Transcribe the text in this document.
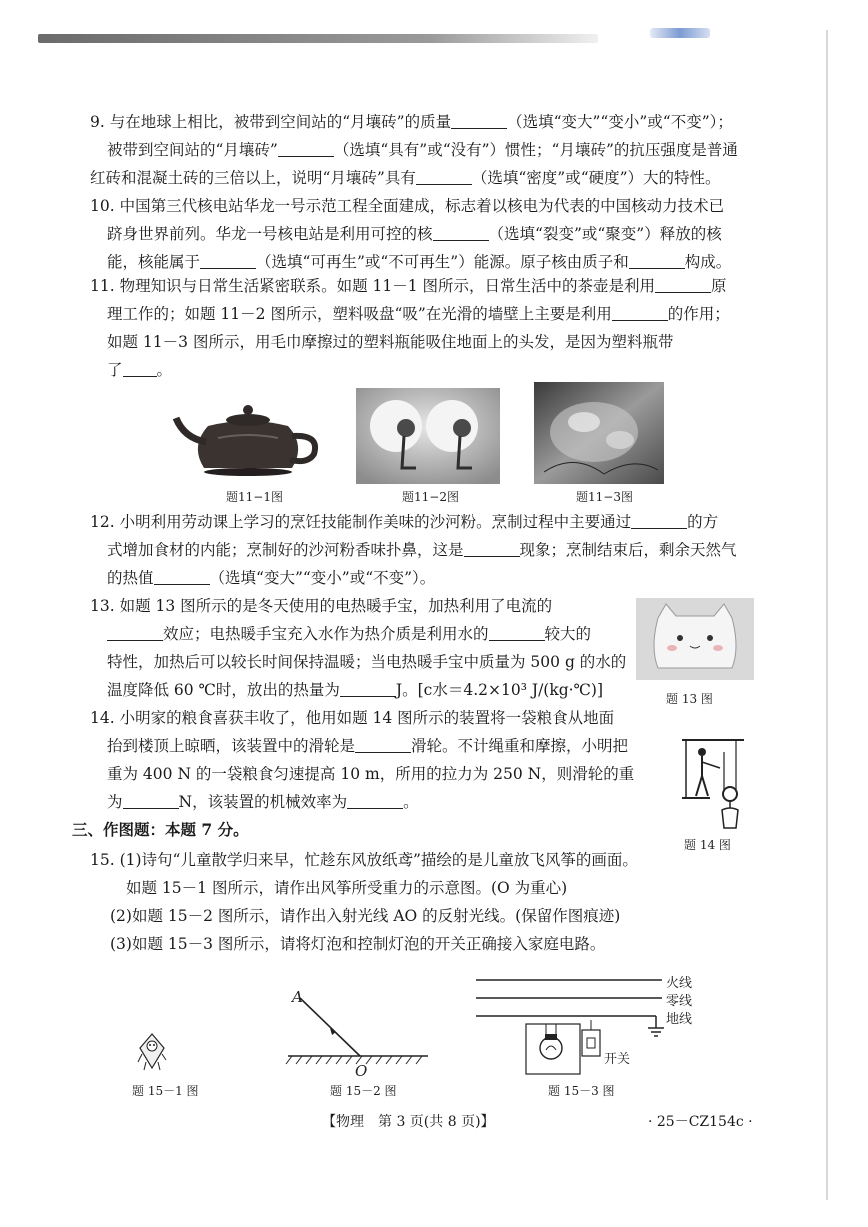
9. 与在地球上相比，被带到空间站的“月壤砖”的质量	（选填“变大”“变小”或“不变”）；
被带到空间站的“月壤砖”	（选填“具有”或“没有”）惯性；“月壤砖”的抗压强度是普通
红砖和混凝土砖的三倍以上，说明“月壤砖”具有	（选填“密度”或“硬度”）大的特性。
10. 中国第三代核电站华龙一号示范工程全面建成，标志着以核电为代表的中国核动力技术已
跻身世界前列。华龙一号核电站是利用可控的核	（选填“裂变”或“聚变”）释放的核
能，核能属于	（选填“可再生”或“不可再生”）能源。原子核由质子和	构成。
11. 物理知识与日常生活紧密联系。如题 11－1 图所示，日常生活中的茶壶是利用	原
理工作的；如题 11－2 图所示，塑料吸盘“吸”在光滑的墙壁上主要是利用	的作用；
如题 11－3 图所示，用毛巾摩擦过的塑料瓶能吸住地面上的头发，是因为塑料瓶带
了 。
题11−1图	题11−2图	题11−3图
12. 小明利用劳动课上学习的烹饪技能制作美味的沙河粉。烹制过程中主要通过	的方
式增加食材的内能；烹制好的沙河粉香味扑鼻，这是	现象；烹制结束后，剩余天然气
的热值	（选填“变大”“变小”或“不变”）。
13. 如题 13 图所示的是冬天使用的电热暖手宝，加热利用了电流的
效应；电热暖手宝充入水作为热介质是利用水的	较大的
特性，加热后可以较长时间保持温暖；当电热暖手宝中质量为 500 g 的水的
温度降低 60 ℃时，放出的热量为	J。[c水＝4.2×10³ J/(kg·℃)]	题 13 图
14. 小明家的粮食喜获丰收了，他用如题 14 图所示的装置将一袋粮食从地面
抬到楼顶上晾晒，该装置中的滑轮是	滑轮。不计绳重和摩擦，小明把
重为 400 N 的一袋粮食匀速提高 10 m，所用的拉力为 250 N，则滑轮的重
为	N，该装置的机械效率为	。
题 14 图
三、作图题：本题 7 分。
15. (1)诗句“儿童散学归来早，忙趁东风放纸鸢”描绘的是儿童放飞风筝的画面。
如题 15－1 图所示，请作出风筝所受重力的示意图。(O 为重心)
(2)如题 15－2 图所示，请作出入射光线 AO 的反射光线。(保留作图痕迹)
(3)如题 15－3 图所示，请将灯泡和控制灯泡的开关正确接入家庭电路。
题 15－1 图
A
O
题 15－2 图
火线
零线
地线
开关
题 15－3 图
【物理　第 3 页(共 8 页)】	· 25－CZ154c ·
